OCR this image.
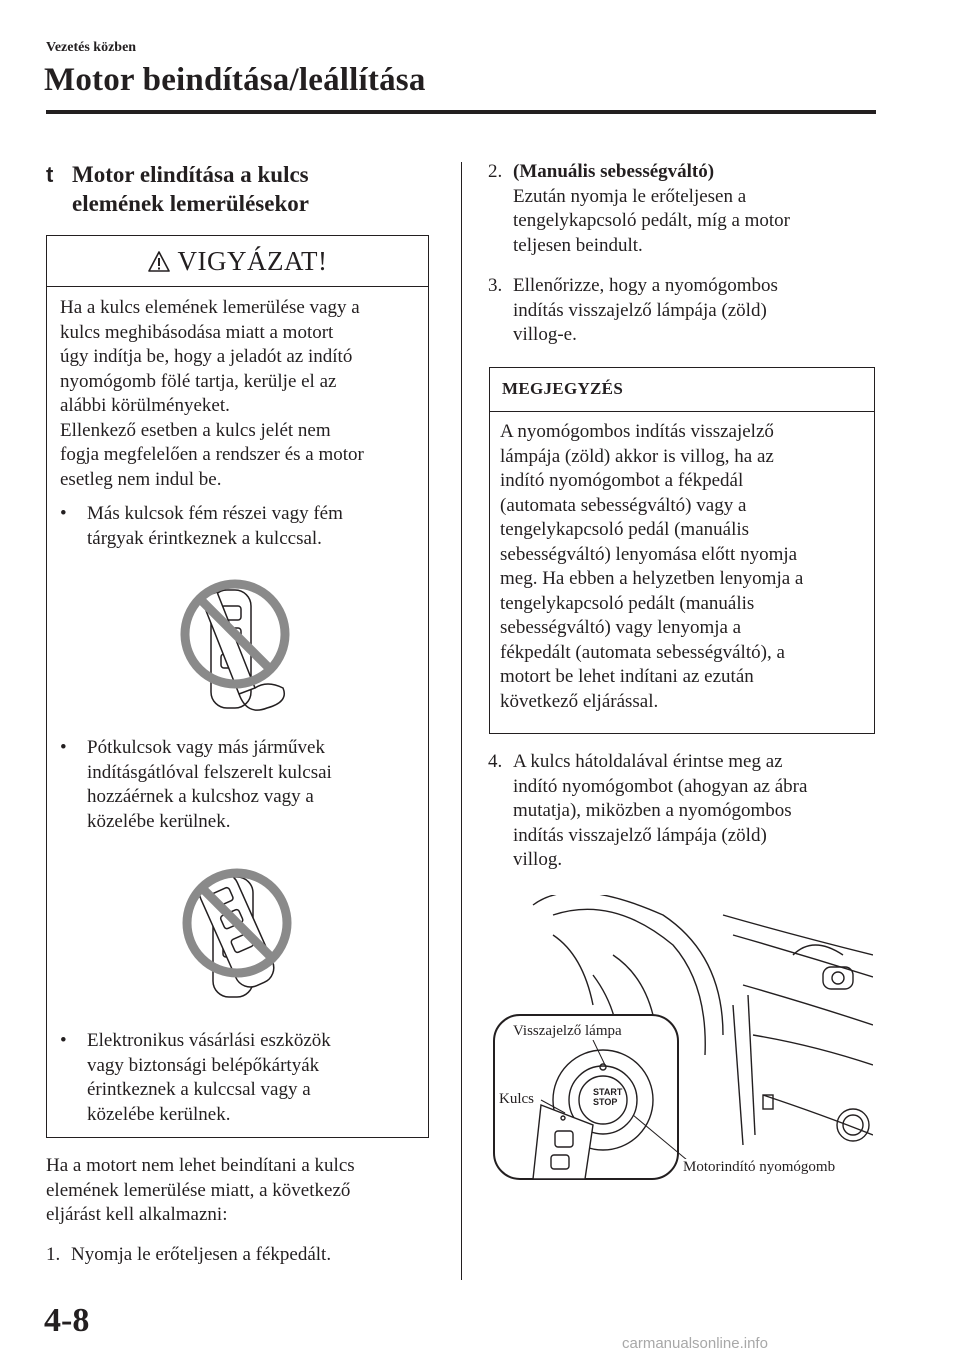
Vezetés közben
Motor beindítása/leállítása
t Motor elindítása a kulcs
elemének lemerülésekor
VIGYÁZAT!
Ha a kulcs elemének lemerülése vagy a
kulcs meghibásodása miatt a motort
úgy indítja be, hogy a jeladót az indító
nyomógomb fölé tartja, kerülje el az
alábbi körülményeket.
Ellenkező esetben a kulcs jelét nem
fogja megfelelően a rendszer és a motor
esetleg nem indul be.
•	Más kulcsok fém részei vagy fém
tárgyak érintkeznek a kulccsal.
•	Pótkulcsok vagy más járművek
indításgátlóval felszerelt kulcsai
hozzáérnek a kulcshoz vagy a
közelébe kerülnek.
•	Elektronikus vásárlási eszközök
vagy biztonsági belépőkártyák
érintkeznek a kulccsal vagy a
közelébe kerülnek.
Ha a motort nem lehet beindítani a kulcs
elemének lemerülése miatt, a következő
eljárást kell alkalmazni:
1. Nyomja le erőteljesen a fékpedált.
2. (Manuális sebességváltó)
Ezután nyomja le erőteljesen a
tengelykapcsoló pedált, míg a motor
teljesen beindult.
3. Ellenőrizze, hogy a nyomógombos
indítás visszajelző lámpája (zöld)
villog-e.
MEGJEGYZÉS
A nyomógombos indítás visszajelző
lámpája (zöld) akkor is villog, ha az
indító nyomógombot a fékpedál
(automata sebességváltó) vagy a
tengelykapcsoló pedál (manuális
sebességváltó) lenyomása előtt nyomja
meg. Ha ebben a helyzetben lenyomja a
tengelykapcsoló pedált (manuális
sebességváltó) vagy lenyomja a
fékpedált (automata sebességváltó), a
motort be lehet indítani az ezután
következő eljárással.
4. A kulcs hátoldalával érintse meg az
indító nyomógombot (ahogyan az ábra
mutatja), miközben a nyomógombos
indítás visszajelző lámpája (zöld)
villog.
START
STOP
Visszajelző lámpa
Kulcs
Motorindító nyomógomb
4-8
carmanualsonline.info
